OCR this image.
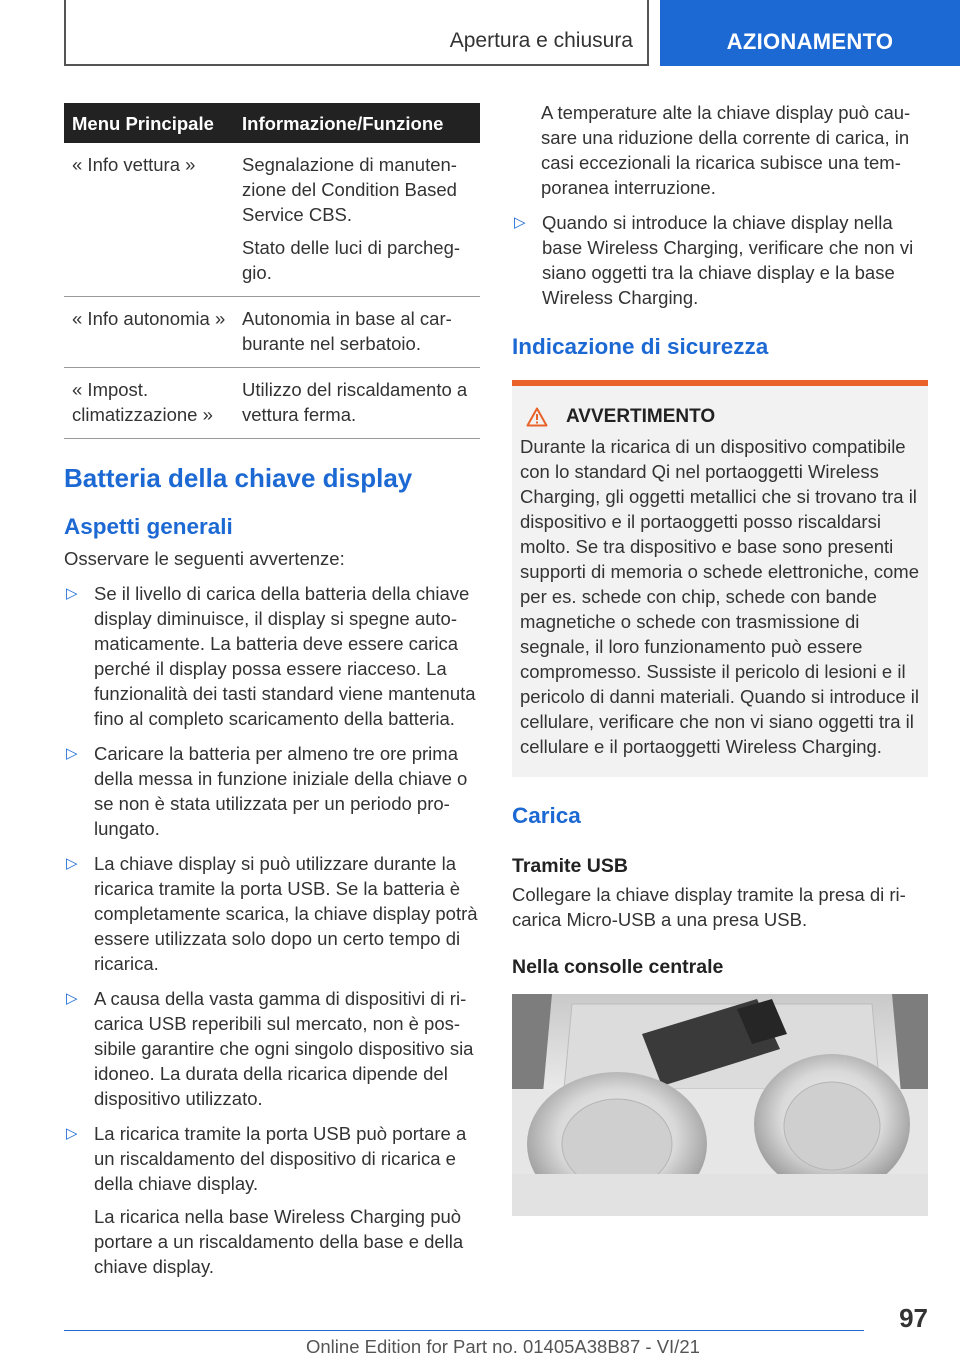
Apertura e chiusura	AZIONAMENTO
Menu Principale	Informazione/Funzione
« Info vettura »	Segnalazione di manutenzione del Condition Based Service CBS.

Stato delle luci di parcheggio.

« Info autonomia »	Autonomia in base al carburante nel serbatoio.

« Impost. climatizzazione »	Utilizzo del riscaldamento a vettura ferma.

Batteria della chiave display
Aspetti generali

Osservare le seguenti avvertenze:

▷ Se il livello di carica della batteria della chiave display diminuisce, il display si spegne automaticamente. La batteria deve essere carica perché il display possa essere riacceso. La funzionalità dei tasti standard viene mantenuta fino al completo scaricamento della batteria.

▷ Caricare la batteria per almeno tre ore prima della messa in funzione iniziale della chiave o se non è stata utilizzata per un periodo prolungato.

▷ La chiave display si può utilizzare durante la ricarica tramite la porta USB. Se la batteria è completamente scarica, la chiave display potrà essere utilizzata solo dopo un certo tempo di ricarica.

▷ A causa della vasta gamma di dispositivi di ricarica USB reperibili sul mercato, non è possibile garantire che ogni singolo dispositivo sia idoneo. La durata della ricarica dipende del dispositivo utilizzato.

▷ La ricarica tramite la porta USB può portare a un riscaldamento del dispositivo di ricarica e della chiave display.

La ricarica nella base Wireless Charging può portare a un riscaldamento della base e della chiave display.

A temperature alte la chiave display può causare una riduzione della corrente di carica, in casi eccezionali la ricarica subisce una temporanea interruzione.

▷ Quando si introduce la chiave display nella base Wireless Charging, verificare che non vi siano oggetti tra la chiave display e la base Wireless Charging.

Indicazione di sicurezza
AVVERTIMENTO

Durante la ricarica di un dispositivo compatibile con lo standard Qi nel portaoggetti Wireless Charging, gli oggetti metallici che si trovano tra il dispositivo e il portaoggetti posso riscaldarsi molto. Se tra dispositivo e base sono presenti supporti di memoria o schede elettroniche, come per es. schede con chip, schede con bande magnetiche o schede con trasmissione di segnale, il loro funzionamento può essere compromesso. Sussiste il pericolo di lesioni e il pericolo di danni materiali. Quando si introduce il cellulare, verificare che non vi siano oggetti tra il cellulare e il portaoggetti Wireless Charging.

Carica
Tramite USB

Collegare la chiave display tramite la presa di ricarica Micro-USB a una presa USB.

Nella consolle centrale
97
Online Edition for Part no. 01405A38B87 - VI/21
